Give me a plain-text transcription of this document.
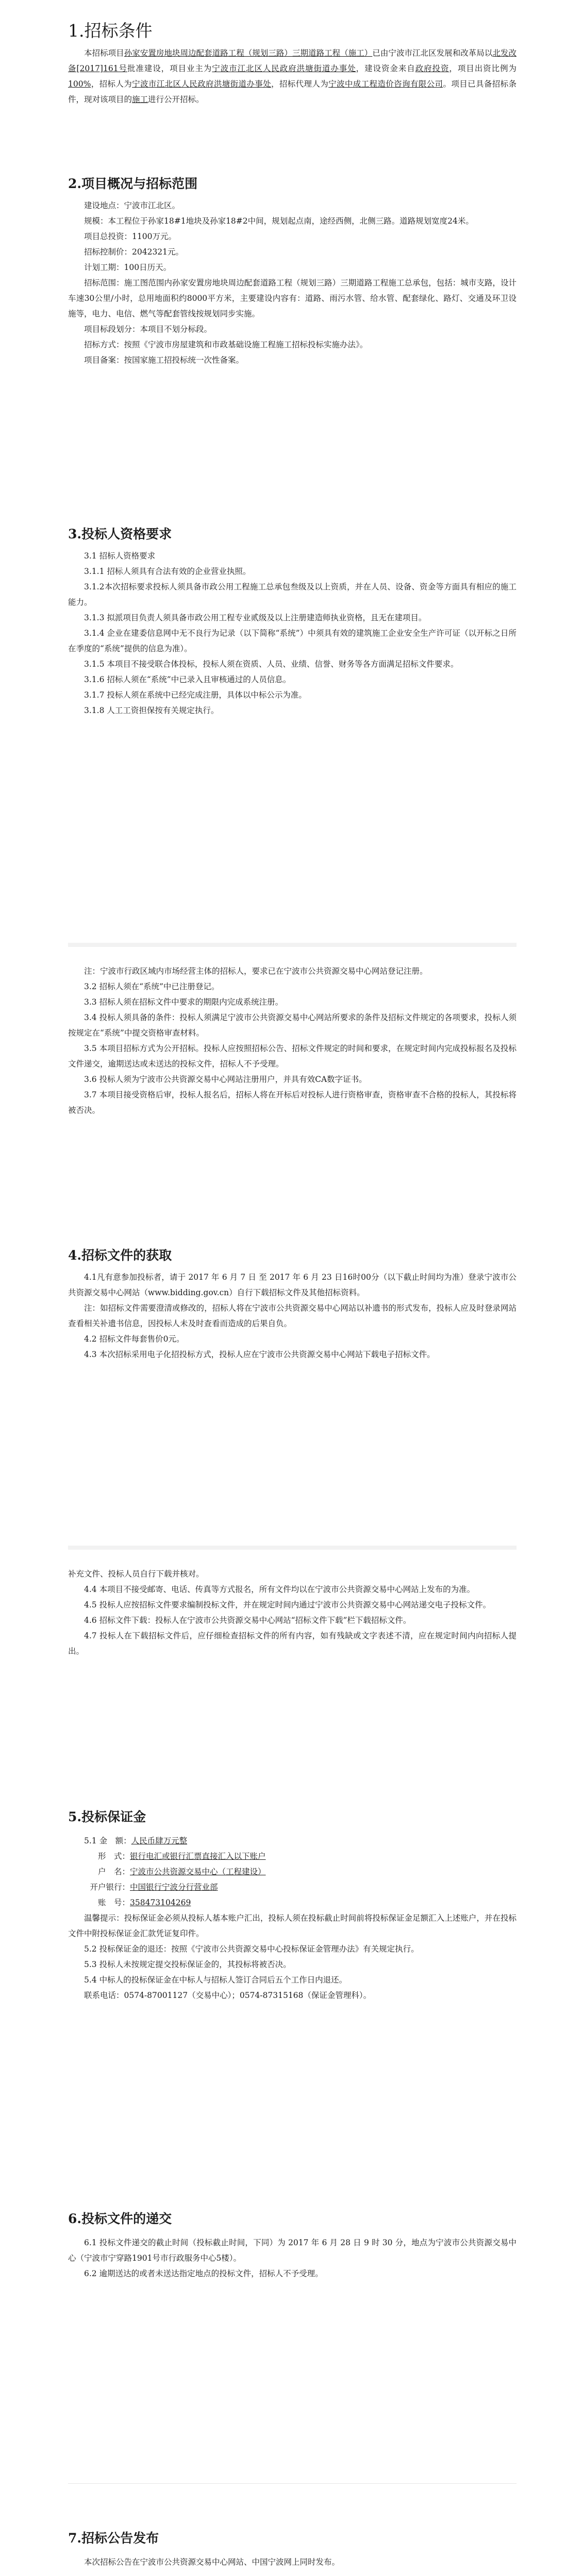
1.招标条件

本招标项目孙家安置房地块周边配套道路工程（规划三路）三期道路工程（施工）已由宁波市江北区发展和改革局以北发改备[2017]161号批准建设，项目业主为宁波市江北区人民政府洪塘街道办事处，建设资金来自政府投资，项目出资比例为100%，招标人为宁波市江北区人民政府洪塘街道办事处，招标代理人为宁波中成工程造价咨询有限公司。项目已具备招标条件，现对该项目的施工进行公开招标。

2.项目概况与招标范围

建设地点：宁波市江北区。

规模：本工程位于孙家18#1地块及孙家18#2中间，规划起点南，途经西侧，北侧三路。道路规划宽度24米。

项目总投资：1100万元。

招标控制价：2042321元。

计划工期：100日历天。

招标范围：施工图范围内孙家安置房地块周边配套道路工程（规划三路）三期道路工程施工总承包，包括：城市支路，设计车速30公里/小时，总用地面积约8000平方米，主要建设内容有：道路、雨污水管、给水管、配套绿化、路灯、交通及环卫设施等，电力、电信、燃气等配套管线按规划同步实施。

项目标段划分：本项目不划分标段。

招标方式：按照《宁波市房屋建筑和市政基础设施工程施工招标投标实施办法》。

项目备案：按国家施工招投标统一次性备案。

3.投标人资格要求

3.1 招标人资格要求

3.1.1 招标人须具有合法有效的企业营业执照。

3.1.2本次招标要求投标人须具备市政公用工程施工总承包叁级及以上资质，并在人员、设备、资金等方面具有相应的施工能力。

3.1.3 拟派项目负责人须具备市政公用工程专业贰级及以上注册建造师执业资格，且无在建项目。

3.1.4 企业在建委信息网中无不良行为记录（以下简称“系统”）中须具有效的建筑施工企业安全生产许可证（以开标之日所在季度的“系统”提供的信息为准）。

3.1.5 本项目不接受联合体投标，投标人须在资质、人员、业绩、信誉、财务等各方面满足招标文件要求。

3.1.6 招标人须在“系统”中已录入且审核通过的人员信息。

3.1.7 投标人须在系统中已经完成注册，具体以中标公示为准。

3.1.8 人工工资担保按有关规定执行。

注：宁波市行政区域内市场经营主体的招标人，要求已在宁波市公共资源交易中心网站登记注册。

3.2 招标人须在“系统”中已注册登记。

3.3 招标人须在招标文件中要求的期限内完成系统注册。

3.4 投标人须具备的条件：投标人须满足宁波市公共资源交易中心网站所要求的条件及招标文件规定的各项要求，投标人须按规定在“系统”中提交资格审查材料。

3.5 本项目招标方式为公开招标。投标人应按照招标公告、招标文件规定的时间和要求，在规定时间内完成投标报名及投标文件递交，逾期送达或未送达的投标文件，招标人不予受理。

3.6 投标人须为宁波市公共资源交易中心网站注册用户，并具有效CA数字证书。

3.7 本项目接受资格后审，投标人报名后，招标人将在开标后对投标人进行资格审查，资格审查不合格的投标人，其投标将被否决。

4.招标文件的获取

4.1凡有意参加投标者，请于 2017 年 6 月 7 日 至 2017 年 6 月 23 日16时00分（以下截止时间均为准）登录宁波市公共资源交易中心网站（www.bidding.gov.cn）自行下载招标文件及其他招标资料。

注：如招标文件需要澄清或修改的，招标人将在宁波市公共资源交易中心网站以补遗书的形式发布，投标人应及时登录网站查看相关补遗书信息，因投标人未及时查看而造成的后果自负。

4.2 招标文件每套售价0元。

4.3 本次招标采用电子化招投标方式，投标人应在宁波市公共资源交易中心网站下载电子招标文件。

补充文件、投标人员自行下载并核对。

4.4 本项目不接受邮寄、电话、传真等方式报名，所有文件均以在宁波市公共资源交易中心网站上发布的为准。

4.5 投标人应按招标文件要求编制投标文件，并在规定时间内通过宁波市公共资源交易中心网站递交电子投标文件。

4.6 招标文件下载：投标人在宁波市公共资源交易中心网站“招标文件下载”栏下载招标文件。

4.7 投标人在下载招标文件后，应仔细检查招标文件的所有内容，如有残缺或文字表述不清，应在规定时间内向招标人提出。

5.投标保证金

5.1 金　额：人民币肆万元整

形　式： 银行电汇或银行汇票直接汇入以下账户
户　名： 宁波市公共资源交易中心（工程建设）
开户银行： 中国银行宁波分行营业部
账　号： 358473104269

温馨提示：投标保证金必须从投标人基本账户汇出，投标人须在投标截止时间前将投标保证金足额汇入上述账户，并在投标文件中附投标保证金汇款凭证复印件。

5.2 投标保证金的退还：按照《宁波市公共资源交易中心投标保证金管理办法》有关规定执行。

5.3 投标人未按规定提交投标保证金的，其投标将被否决。

5.4 中标人的投标保证金在中标人与招标人签订合同后五个工作日内退还。

联系电话：0574-87001127（交易中心）；0574-87315168（保证金管理科）。

6.投标文件的递交

6.1 投标文件递交的截止时间（投标截止时间，下同）为 2017 年 6 月 28 日 9 时 30 分，地点为宁波市公共资源交易中心（宁波市宁穿路1901号市行政服务中心5楼）。

6.2 逾期送达的或者未送达指定地点的投标文件，招标人不予受理。

7.招标公告发布

本次招标公告在宁波市公共资源交易中心网站、中国宁波网上同时发布。
